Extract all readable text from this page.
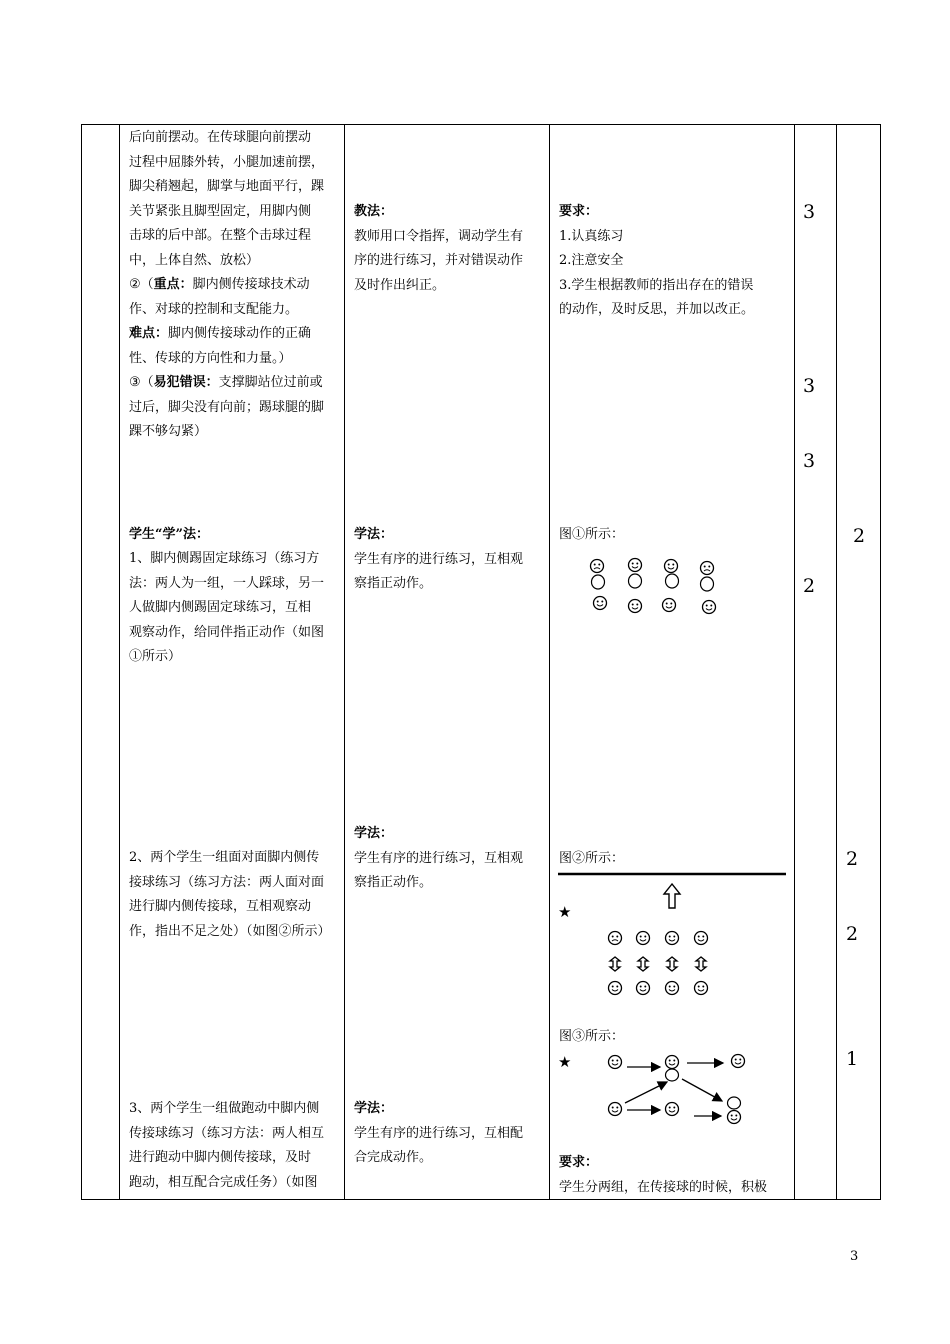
后向前摆动。在传球腿向前摆动
过程中屈膝外转，小腿加速前摆，
脚尖稍翘起，脚掌与地面平行，踝
关节紧张且脚型固定，用脚内侧
击球的后中部。在整个击球过程
中，上体自然、放松）
②（重点：脚内侧传接球技术动
作、对球的控制和支配能力。
难点：脚内侧传接球动作的正确
性、传球的方向性和力量。）
③（易犯错误：支撑脚站位过前或
过后，脚尖没有向前；踢球腿的脚
踝不够勾紧）
学生“学”法：
1、脚内侧踢固定球练习（练习方
法：两人为一组，一人踩球，另一
人做脚内侧踢固定球练习，互相
观察动作，给同伴指正动作（如图
①所示）
2、两个学生一组面对面脚内侧传
接球练习（练习方法：两人面对面
进行脚内侧传接球，互相观察动
作，指出不足之处）（如图②所示）
3、两个学生一组做跑动中脚内侧
传接球练习（练习方法：两人相互
进行跑动中脚内侧传接球，及时
跑动，相互配合完成任务）（如图
教法：
教师用口令指挥，调动学生有
序的进行练习，并对错误动作
及时作出纠正。
学法：
学生有序的进行练习，互相观
察指正动作。
学法：
学生有序的进行练习，互相观
察指正动作。
学法：
学生有序的进行练习，互相配
合完成动作。
要求：
1.认真练习
2.注意安全
3.学生根据教师的指出存在的错误
的动作，及时反思，并加以改正。
图①所示：
图②所示：
★
图③所示：
★
要求：
学生分两组，在传接球的时候，积极
3
3
3
2
2
2
2
1
3
